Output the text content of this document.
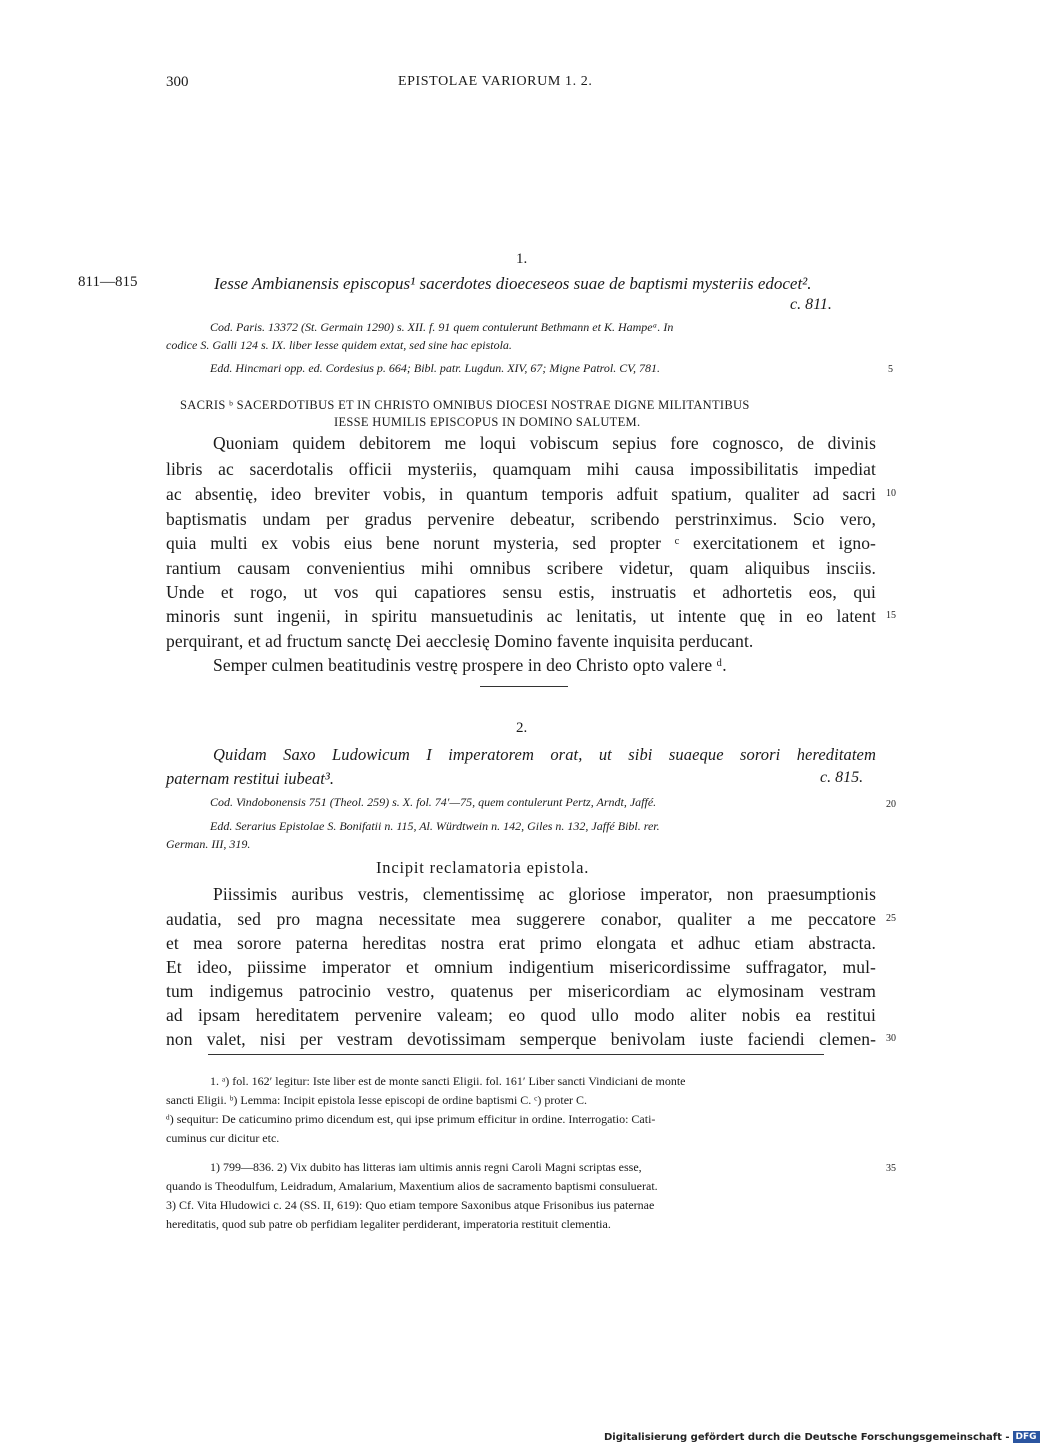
300	EPISTOLAE VARIORUM 1. 2.
1.
811—815	Iesse Ambianensis episcopus¹ sacerdotes dioeceseos suae de baptismi mysteriis edocet².
c. 811.
Cod. Paris. 13372 (St. Germain 1290) s. XII. f. 91 quem contulerunt Bethmann et K. Hampeᵃ. In
codice S. Galli 124 s. IX. liber Iesse quidem extat, sed sine hac epistola.
Edd. Hincmari opp. ed. Cordesius p. 664; Bibl. patr. Lugdun. XIV, 67; Migne Patrol. CV, 781.
SACRIS ᵇ SACERDOTIBUS ET IN CHRISTO OMNIBUS DIOCESI NOSTRAE DIGNE MILITANTIBUS
IESSE HUMILIS EPISCOPUS IN DOMINO SALUTEM.
Quoniam quidem debitorem me loqui vobiscum sepius fore cognosco, de divinis
libris ac sacerdotalis officii mysteriis, quamquam mihi causa impossibilitatis impediat
ac absentię, ideo breviter vobis, in quantum temporis adfuit spatium, qualiter ad sacri
baptismatis undam per gradus pervenire debeatur, scribendo perstrinximus. Scio vero,
quia multi ex vobis eius bene norunt mysteria, sed propter ᶜ exercitationem et igno-
rantium causam convenientius mihi omnibus scribere videtur, quam aliquibus insciis.
Unde et rogo, ut vos qui capatiores sensu estis, instruatis et adhortetis eos, qui
minoris sunt ingenii, in spiritu mansuetudinis ac lenitatis, ut intente quę in eo latent
perquirant, et ad fructum sanctę Dei aecclesię Domino favente inquisita perducant.
Semper culmen beatitudinis vestrę prospere in deo Christo opto valere ᵈ.
2.
Quidam Saxo Ludowicum I imperatorem orat, ut sibi suaeque sorori hereditatem
paternam restitui iubeat³.	c. 815.
Cod. Vindobonensis 751 (Theol. 259) s. X. fol. 74′—75, quem contulerunt Pertz, Arndt, Jaffé.
Edd. Serarius Epistolae S. Bonifatii n. 115, Al. Würdtwein n. 142, Giles n. 132, Jaffé Bibl. rer.
German. III, 319.
Incipit reclamatoria epistola.
Piissimis auribus vestris, clementissimę ac gloriose imperator, non praesumptionis
audatia, sed pro magna necessitate mea suggerere conabor, qualiter a me peccatore
et mea sorore paterna hereditas nostra erat primo elongata et adhuc etiam abstracta.
Et ideo, piissime imperator et omnium indigentium misericordissime suffragator, mul-
tum indigemus patrocinio vestro, quatenus per misericordiam ac elymosinam vestram
ad ipsam hereditatem pervenire valeam; eo quod ullo modo aliter nobis ea restitui
non valet, nisi per vestram devotissimam semperque benivolam iuste faciendi clemen-
1. ᵃ) fol. 162′ legitur: Iste liber est de monte sancti Eligii. fol. 161′ Liber sancti Vindiciani de monte
sancti Eligii. ᵇ) Lemma: Incipit epistola Iesse episcopi de ordine baptismi C. ᶜ) proter C.
ᵈ) sequitur: De caticumino primo dicendum est, qui ipse primum efficitur in ordine. Interrogatio: Cati-
cuminus cur dicitur etc.
1) 799—836. 2) Vix dubito has litteras iam ultimis annis regni Caroli Magni scriptas esse,
quando is Theodulfum, Leidradum, Amalarium, Maxentium alios de sacramento baptismi consuluerat.
3) Cf. Vita Hludowici c. 24 (SS. II, 619): Quo etiam tempore Saxonibus atque Frisonibus ius paternae
hereditatis, quod sub patre ob perfidiam legaliter perdiderant, imperatoria restituit clementia.
5
10
15
20
25
30
35
Digitalisierung gefördert durch die Deutsche Forschungsgemeinschaft - DFG
